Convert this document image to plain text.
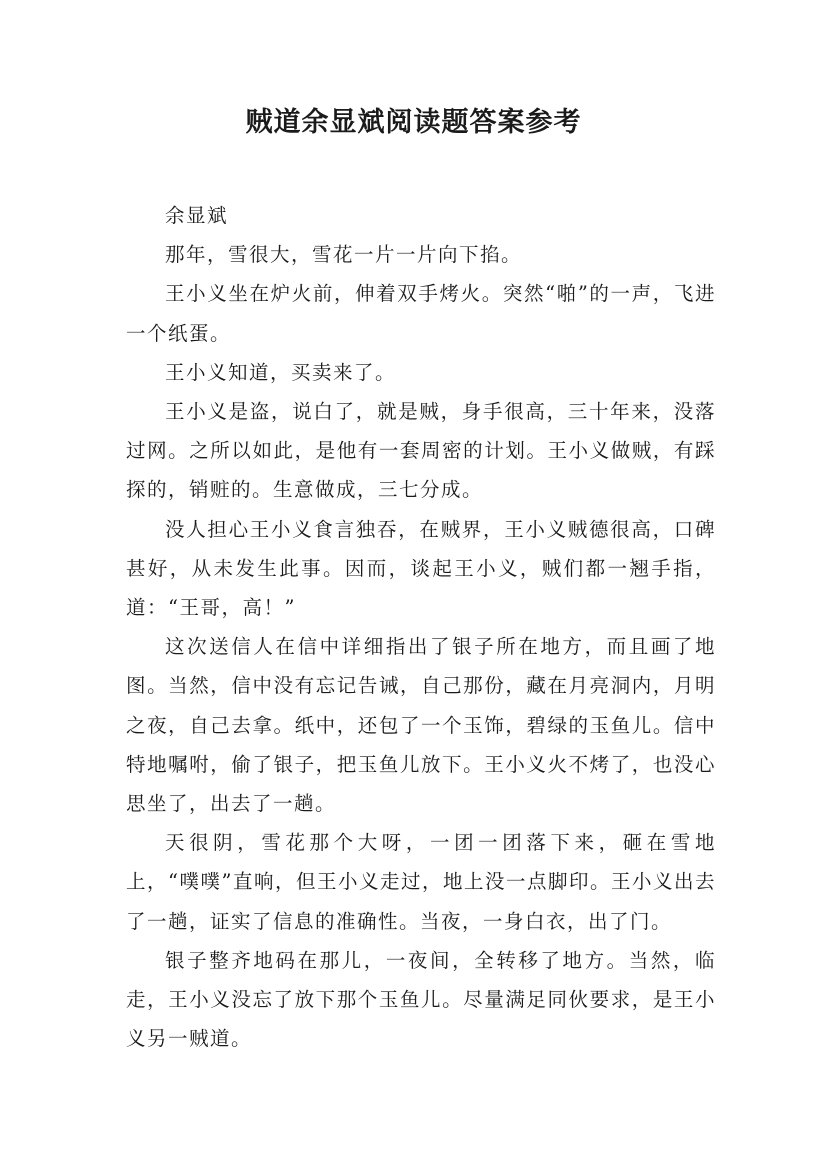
贼道余显斌阅读题答案参考

余显斌

那年，雪很大，雪花一片一片向下掐。

王小义坐在炉火前，伸着双手烤火。突然“啪”的一声，飞进一个纸蛋。

王小义知道，买卖来了。

王小义是盗，说白了，就是贼，身手很高，三十年来，没落过网。之所以如此，是他有一套周密的计划。王小义做贼，有踩探的，销赃的。生意做成，三七分成。

没人担心王小义食言独吞，在贼界，王小义贼德很高，口碑甚好，从未发生此事。因而，谈起王小义，贼们都一翘手指，道：“王哥，高！”

这次送信人在信中详细指出了银子所在地方，而且画了地图。当然，信中没有忘记告诫，自己那份，藏在月亮洞内，月明之夜，自己去拿。纸中，还包了一个玉饰，碧绿的玉鱼儿。信中特地嘱咐，偷了银子，把玉鱼儿放下。王小义火不烤了，也没心思坐了，出去了一趟。

天很阴，雪花那个大呀，一团一团落下来，砸在雪地上，“噗噗”直响，但王小义走过，地上没一点脚印。王小义出去了一趟，证实了信息的准确性。当夜，一身白衣，出了门。

银子整齐地码在那儿，一夜间，全转移了地方。当然，临走，王小义没忘了放下那个玉鱼儿。尽量满足同伙要求，是王小义另一贼道。
